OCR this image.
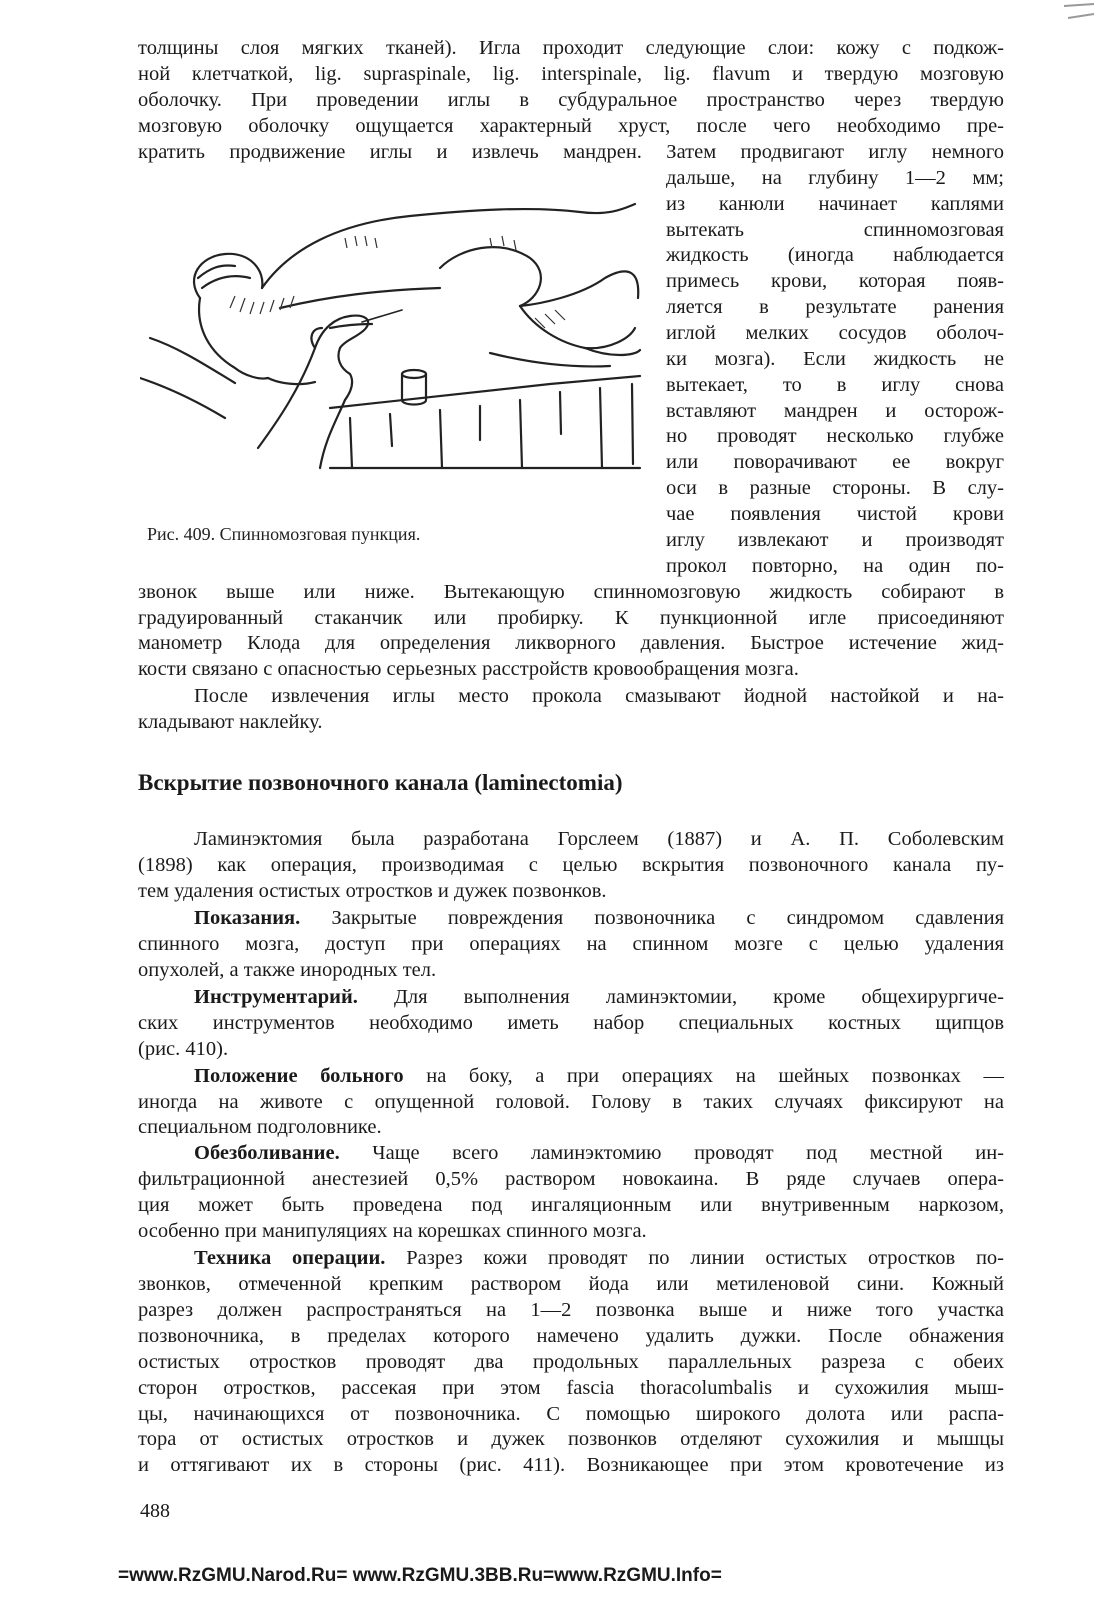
толщины слоя мягких тканей). Игла проходит следующие слои: кожу с подкож-
ной клетчаткой, lig. supraspinale, lig. interspinale, lig. flavum и твердую мозговую
оболочку. При проведении иглы в субдуральное пространство через твердую
мозговую оболочку ощущается характерный хруст, после чего необходимо пре-
кратить продвижение иглы и извлечь мандрен. Затем продвигают иглу немного
дальше, на глубину 1—2 мм;
из канюли начинает каплями
вытекать спинномозговая
жидкость (иногда наблюдается
примесь крови, которая появ-
ляется в результате ранения
иглой мелких сосудов оболоч-
ки мозга). Если жидкость не
вытекает, то в иглу снова
вставляют мандрен и осторож-
но проводят несколько глубже
или поворачивают ее вокруг
оси в разные стороны. В слу-
чае появления чистой крови
иглу извлекают и производят
прокол повторно, на один по-
Рис. 409. Спинномозговая пункция.
звонок выше или ниже. Вытекающую спинномозговую жидкость собирают в
градуированный стаканчик или пробирку. К пункционной игле присоединяют
манометр Клода для определения ликворного давления. Быстрое истечение жид-
кости связано с опасностью серьезных расстройств кровообращения мозга.
После извлечения иглы место прокола смазывают йодной настойкой и на-
кладывают наклейку.
Вскрытие позвоночного канала (laminectomia)
Ламинэктомия была разработана Горслеем (1887) и А. П. Соболевским
(1898) как операция, производимая с целью вскрытия позвоночного канала пу-
тем удаления остистых отростков и дужек позвонков.
Показания. Закрытые повреждения позвоночника с синдромом сдавления
спинного мозга, доступ при операциях на спинном мозге с целью удаления
опухолей, а также инородных тел.
Инструментарий. Для выполнения ламинэктомии, кроме общехирургиче-
ских инструментов необходимо иметь набор специальных костных щипцов
(рис. 410).
Положение больного на боку, а при операциях на шейных позвонках —
иногда на животе с опущенной головой. Голову в таких случаях фиксируют на
специальном подголовнике.
Обезболивание. Чаще всего ламинэктомию проводят под местной ин-
фильтрационной анестезией 0,5% раствором новокаина. В ряде случаев опера-
ция может быть проведена под ингаляционным или внутривенным наркозом,
особенно при манипуляциях на корешках спинного мозга.
Техника операции. Разрез кожи проводят по линии остистых отростков по-
звонков, отмеченной крепким раствором йода или метиленовой сини. Кожный
разрез должен распространяться на 1—2 позвонка выше и ниже того участка
позвоночника, в пределах которого намечено удалить дужки. После обнажения
остистых отростков проводят два продольных параллельных разреза с обеих
сторон отростков, рассекая при этом fascia thoracolumbalis и сухожилия мыш-
цы, начинающихся от позвоночника. С помощью широкого долота или распа-
тора от остистых отростков и дужек позвонков отделяют сухожилия и мышцы
и оттягивают их в стороны (рис. 411). Возникающее при этом кровотечение из
488
=www.RzGMU.Narod.Ru= www.RzGMU.3BB.Ru=www.RzGMU.Info=
